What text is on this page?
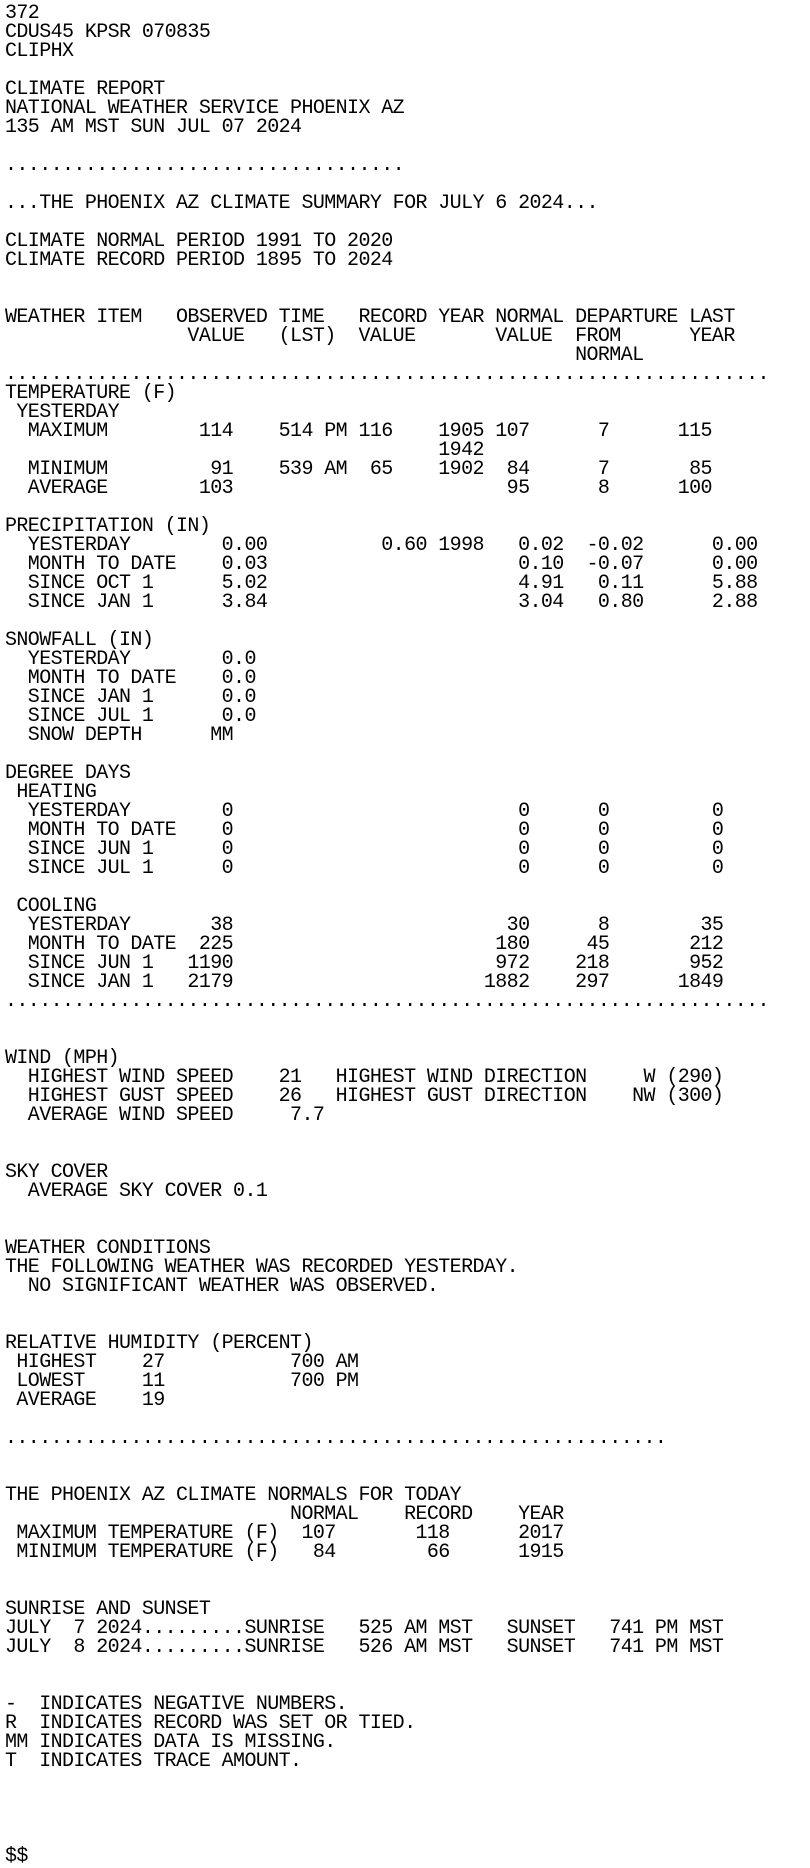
372
CDUS45 KPSR 070835
CLIPHX
CLIMATE REPORT
NATIONAL WEATHER SERVICE PHOENIX AZ
135 AM MST SUN JUL 07 2024
...................................
...THE PHOENIX AZ CLIMATE SUMMARY FOR JULY 6 2024...
CLIMATE NORMAL PERIOD 1991 TO 2020
CLIMATE RECORD PERIOD 1895 TO 2024
WEATHER ITEM   OBSERVED TIME   RECORD YEAR NORMAL DEPARTURE LAST
VALUE   (LST)  VALUE       VALUE  FROM      YEAR
NORMAL
...................................................................
TEMPERATURE (F)
YESTERDAY
MAXIMUM        114    514 PM 116    1905 107      7      115
1942
MINIMUM         91    539 AM  65    1902  84      7       85
AVERAGE        103                        95      8      100
PRECIPITATION (IN)
YESTERDAY        0.00          0.60 1998   0.02  -0.02      0.00
MONTH TO DATE    0.03                      0.10  -0.07      0.00
SINCE OCT 1      5.02                      4.91   0.11      5.88
SINCE JAN 1      3.84                      3.04   0.80      2.88
SNOWFALL (IN)
YESTERDAY        0.0
MONTH TO DATE    0.0
SINCE JAN 1      0.0
SINCE JUL 1      0.0
SNOW DEPTH      MM
DEGREE DAYS
HEATING
YESTERDAY        0                         0      0         0
MONTH TO DATE    0                         0      0         0
SINCE JUN 1      0                         0      0         0
SINCE JUL 1      0                         0      0         0
COOLING
YESTERDAY       38                        30      8        35
MONTH TO DATE  225                       180     45       212
SINCE JUN 1   1190                       972    218       952
SINCE JAN 1   2179                      1882    297      1849
...................................................................
WIND (MPH)
HIGHEST WIND SPEED    21   HIGHEST WIND DIRECTION     W (290)
HIGHEST GUST SPEED    26   HIGHEST GUST DIRECTION    NW (300)
AVERAGE WIND SPEED     7.7
SKY COVER
AVERAGE SKY COVER 0.1
WEATHER CONDITIONS
THE FOLLOWING WEATHER WAS RECORDED YESTERDAY.
NO SIGNIFICANT WEATHER WAS OBSERVED.
RELATIVE HUMIDITY (PERCENT)
HIGHEST    27           700 AM
LOWEST     11           700 PM
AVERAGE    19
..........................................................
THE PHOENIX AZ CLIMATE NORMALS FOR TODAY
NORMAL    RECORD    YEAR
MAXIMUM TEMPERATURE (F)  107       118      2017
MINIMUM TEMPERATURE (F)   84        66      1915
SUNRISE AND SUNSET
JULY  7 2024.........SUNRISE   525 AM MST   SUNSET   741 PM MST
JULY  8 2024.........SUNRISE   526 AM MST   SUNSET   741 PM MST
-  INDICATES NEGATIVE NUMBERS.
R  INDICATES RECORD WAS SET OR TIED.
MM INDICATES DATA IS MISSING.
T  INDICATES TRACE AMOUNT.
$$
